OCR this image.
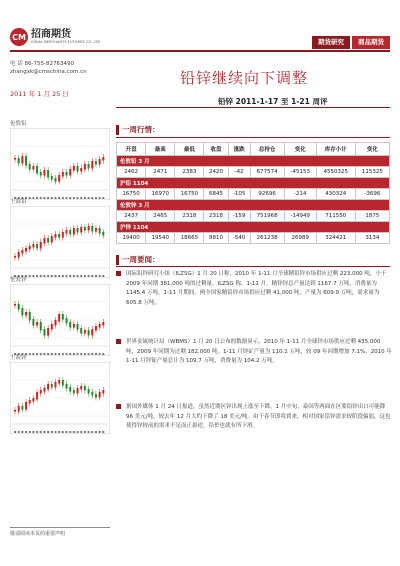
CM 招商期货
CHINA MERCHANTS FUTURES CO.,LTD	期货研究	商品期货
电 话 86-755-82763490
zhangxk@cmschina.com.cn
2011 年 1 月 25 日
铅锌继续向下调整
铅锌 2011-1-17 至 1-21 周评
伦敦铅
上海铅
伦敦锌
上海锌
一周行情：
开盘	最高	最低	收盘	涨跌	总持仓	变化	库存小计	变化
伦敦铅 3 月								
2462	2471	2383	2420	-42	677574	-45153	4550325	115325
沪铅 1104								
16750	16970	16750	6845	-105	92696	-214	430324	-3696
伦敦锌 3 月								
2437	2465	2318	2318	-159	751968	-14949	711550	1875
沪锌 1104								
19400	19540	18665	8810	-540	261238	26989	324421	3134
一周要闻：
国际铅锌研究小组（ILZSG）1 月 20 日称，2010 年 1-11 月全球精铅锌市场供应过剩 223,000 吨，小于 2009 年同期 381,000 吨的过剩量。ILZSG 称，1-11 月，精锌锌总产量达到 1167.7 万吨，消费量为 1145.4 万吨。1-11 月期间，两全国家精铅锌市场供应过剩 41,000 吨，产量为 609.9 万吨，需求量为 605.8 万吨。
世界金属统计局（WBMS）1 月 20 日公布的数据显示，2010 年 1-11 月全球锌市场供应过剩 435,000 吨，2009 年同期为过剩 182,000 吨。1-11 月锌矿产量为 110.1 万吨，较 09 年同期增加 7.1%。2010 年 1-11 月锌锭产量总计为 109.7 万吨，消费量为 104.2 万吨。
据国外媒体 1 月 24 日报道，虽然近期区锌出现上涨至下降，1 月中旬，泰国等两面在区要铅锌出口可能降 96 美元/吨，较去年 12 月大约下降了 18 美元/吨。由于春节即将到来，相对国家铅锌需求较阶段偏弱，这也使得锌较前的需求不足而正悬逆，铅价也就有所下滑。
敬请阅读末页的重要声明
